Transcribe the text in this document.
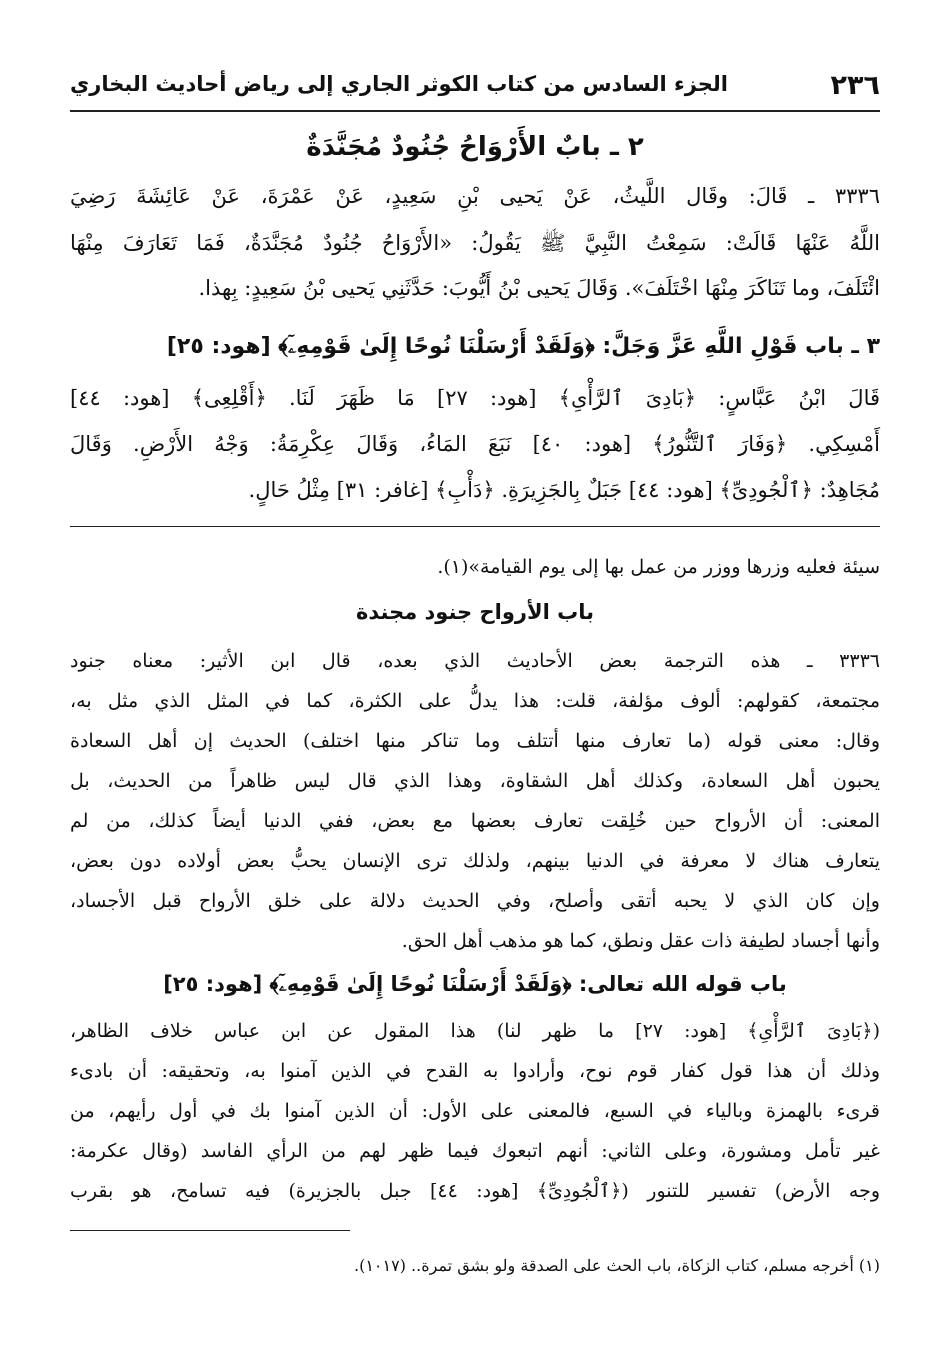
٢٣٦
الجزء السادس من كتاب الكوثر الجاري إلى رياض أحاديث البخاري
٢ ـ بابٌ الأَرْوَاحُ جُنُودٌ مُجَنَّدَةٌ
٣٣٣٦ ـ قَالَ: وقَال اللَّيثُ، عَنْ يَحيى بْنِ سَعِيدٍ، عَنْ عَمْرَةَ، عَنْ عَائِشَةَ رَضِيَ
اللَّهُ عَنْهَا قَالَتْ: سَمِعْتُ النَّبِيَّ ﷺ يَقُولُ: «الأَرْوَاحُ جُنُودٌ مُجَنَّدَةٌ، فَمَا تَعَارَفَ مِنْهَا
ائْتَلَفَ، وما تَنَاكَرَ مِنْهَا اخْتَلَفَ». وَقَالَ يَحيى بْنُ أَيُّوبَ: حَدَّثَنِي يَحيى بْنُ سَعِيدٍ: بِهذا.
٣ ـ باب قَوْلِ اللَّهِ عَزَّ وَجَلَّ: ﴿وَلَقَدْ أَرْسَلْنَا نُوحًا إِلَىٰ قَوْمِهِۦٓ﴾ [هود: ٢٥]
قَالَ ابْنُ عَبَّاسٍ: ﴿بَادِىَ ٱلرَّأْىِ﴾ [هود: ٢٧] مَا ظَهَرَ لَنَا. ﴿أَقْلِعِى﴾ [هود: ٤٤]
أَمْسِكِي. ﴿وَفَارَ ٱلتَّنُّورُ﴾ [هود: ٤٠] نَبَعَ المَاءُ، وَقَالَ عِكْرِمَةُ: وَجْهُ الأَرْضِ. وَقَالَ
مُجَاهِدٌ: ﴿ٱلْجُودِىِّ﴾ [هود: ٤٤] جَبَلٌ بِالجَزِيرَةِ. ﴿دَأْبِ﴾ [غافر: ٣١] مِثْلُ حَالٍ.
سيئة فعليه وزرها ووزر من عمل بها إلى يوم القيامة»(١).
باب الأرواح جنود مجندة
٣٣٣٦ ـ هذه الترجمة بعض الأحاديث الذي بعده، قال ابن الأثير: معناه جنود
مجتمعة، كقولهم: ألوف مؤلفة، قلت: هذا يدلُّ على الكثرة، كما في المثل الذي مثل به،
وقال: معنى قوله (ما تعارف منها أتتلف وما تناكر منها اختلف) الحديث إن أهل السعادة
يحبون أهل السعادة، وكذلك أهل الشقاوة، وهذا الذي قال ليس ظاهراً من الحديث، بل
المعنى: أن الأرواح حين خُلِقت تعارف بعضها مع بعض، ففي الدنيا أيضاً كذلك، من لم
يتعارف هناك لا معرفة في الدنيا بينهم، ولذلك ترى الإنسان يحبُّ بعض أولاده دون بعض،
وإن كان الذي لا يحبه أتقى وأصلح، وفي الحديث دلالة على خلق الأرواح قبل الأجساد،
وأنها أجساد لطيفة ذات عقل ونطق، كما هو مذهب أهل الحق.
باب قوله الله تعالى: ﴿وَلَقَدْ أَرْسَلْنَا نُوحًا إِلَىٰ قَوْمِهِۦٓ﴾ [هود: ٢٥]
(﴿بَادِىَ ٱلرَّأْىِ﴾ [هود: ٢٧] ما ظهر لنا) هذا المقول عن ابن عباس خلاف الظاهر،
وذلك أن هذا قول كفار قوم نوح، وأرادوا به القدح في الذين آمنوا به، وتحقيقه: أن بادىء
قرىء بالهمزة وبالياء في السبع، فالمعنى على الأول: أن الذين آمنوا بك في أول رأيهم، من
غير تأمل ومشورة، وعلى الثاني: أنهم اتبعوك فيما ظهر لهم من الرأي الفاسد (وقال عكرمة:
وجه الأرض) تفسير للتنور (﴿ٱلْجُودِىِّ﴾ [هود: ٤٤] جبل بالجزيرة) فيه تسامح، هو بقرب
(١) أخرجه مسلم، كتاب الزكاة، باب الحث على الصدقة ولو بشق تمرة.. (١٠١٧).
